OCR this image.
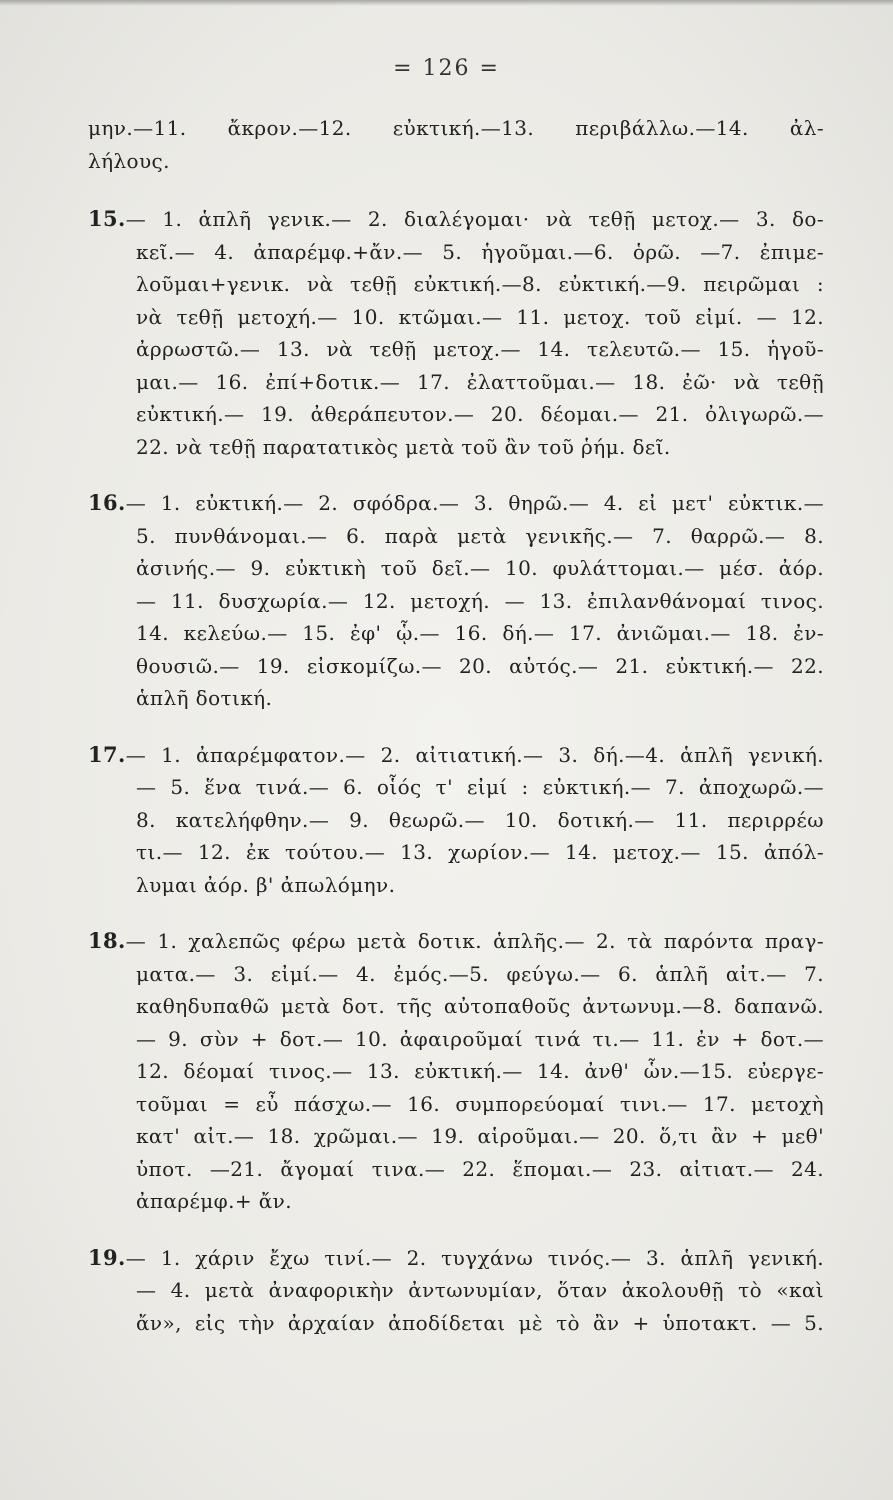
= 126 =
μην.—11. ἄκρον.—12. εὐκτική.—13. περιβάλλω.—14. ἀλ-
λήλους.
15.— 1. ἁπλῆ γενικ.— 2. διαλέγομαι· νὰ τεθῇ μετοχ.— 3. δο-
κεῖ.— 4. ἀπαρέμφ.+ἄν.— 5. ἡγοῦμαι.—6. ὁρῶ. —7. ἐπιμε-
λοῦμαι+γενικ. νὰ τεθῇ εὐκτική.—8. εὐκτική.—9. πειρῶμαι :
νὰ τεθῇ μετοχή.— 10. κτῶμαι.— 11. μετοχ. τοῦ εἰμί. — 12.
ἀρρωστῶ.— 13. νὰ τεθῇ μετοχ.— 14. τελευτῶ.— 15. ἡγοῦ-
μαι.— 16. ἐπί+δοτικ.— 17. ἐλαττοῦμαι.— 18. ἐῶ· νὰ τεθῇ
εὐκτική.— 19. ἀθεράπευτον.— 20. δέομαι.— 21. ὀλιγωρῶ.—
22. νὰ τεθῇ παρατατικὸς μετὰ τοῦ ἂν τοῦ ῥήμ. δεῖ.
16.— 1. εὐκτική.— 2. σφόδρα.— 3. θηρῶ.— 4. εἰ μετ' εὐκτικ.—
5. πυνθάνομαι.— 6. παρὰ μετὰ γενικῆς.— 7. θαρρῶ.— 8.
ἀσινής.— 9. εὐκτικὴ τοῦ δεῖ.— 10. φυλάττομαι.— μέσ. ἀόρ.
— 11. δυσχωρία.— 12. μετοχή. — 13. ἐπιλανθάνομαί τινος.
14. κελεύω.— 15. ἐφ' ᾧ.— 16. δή.— 17. ἀνιῶμαι.— 18. ἐν-
θουσιῶ.— 19. εἰσκομίζω.— 20. αὐτός.— 21. εὐκτική.— 22.
ἁπλῆ δοτική.
17.— 1. ἀπαρέμφατον.— 2. αἰτιατική.— 3. δή.—4. ἁπλῆ γενική.
— 5. ἕνα τινά.— 6. οἷός τ' εἰμί : εὐκτική.— 7. ἀποχωρῶ.—
8. κατελήφθην.— 9. θεωρῶ.— 10. δοτική.— 11. περιρρέω
τι.— 12. ἐκ τούτου.— 13. χωρίον.— 14. μετοχ.— 15. ἀπόλ-
λυμαι ἀόρ. β' ἀπωλόμην.
18.— 1. χαλεπῶς φέρω μετὰ δοτικ. ἁπλῆς.— 2. τὰ παρόντα πραγ-
ματα.— 3. εἰμί.— 4. ἐμός.—5. φεύγω.— 6. ἁπλῆ αἰτ.— 7.
καθηδυπαθῶ μετὰ δοτ. τῆς αὐτοπαθοῦς ἀντωνυμ.—8. δαπανῶ.
— 9. σὺν + δοτ.— 10. ἀφαιροῦμαί τινά τι.— 11. ἐν + δοτ.—
12. δέομαί τινος.— 13. εὐκτική.— 14. ἀνθ' ὧν.—15. εὐεργε-
τοῦμαι = εὖ πάσχω.— 16. συμπορεύομαί τινι.— 17. μετοχὴ
κατ' αἰτ.— 18. χρῶμαι.— 19. αἱροῦμαι.— 20. ὅ,τι ἂν + μεθ'
ὑποτ. —21. ἄγομαί τινα.— 22. ἕπομαι.— 23. αἰτιατ.— 24.
ἀπαρέμφ.+ ἄν.
19.— 1. χάριν ἔχω τινί.— 2. τυγχάνω τινός.— 3. ἁπλῆ γενική.
— 4. μετὰ ἀναφορικὴν ἀντωνυμίαν, ὅταν ἀκολουθῇ τὸ «καὶ
ἄν», εἰς τὴν ἀρχαίαν ἀποδίδεται μὲ τὸ ἂν + ὑποτακτ. — 5.
